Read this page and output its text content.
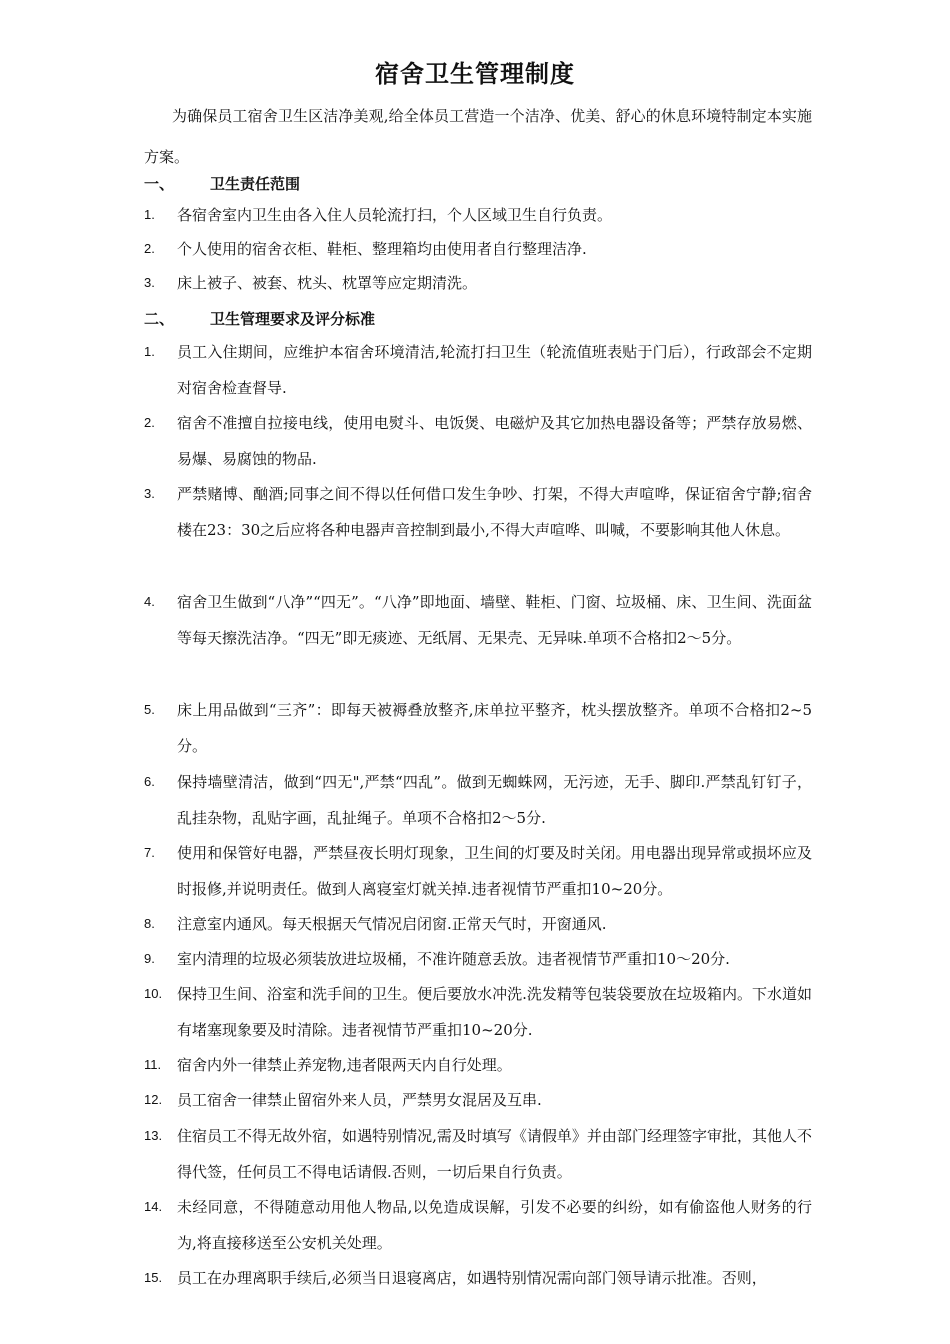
宿舍卫生管理制度
为确保员工宿舍卫生区洁净美观,给全体员工营造一个洁净、优美、舒心的休息环境特制定本实施方案。
一、 卫生责任范围
1. 各宿舍室内卫生由各入住人员轮流打扫，个人区域卫生自行负责。
2. 个人使用的宿舍衣柜、鞋柜、整理箱均由使用者自行整理洁净.
3. 床上被子、被套、枕头、枕罩等应定期清洗。
二、 卫生管理要求及评分标准
1. 员工入住期间，应维护本宿舍环境清洁,轮流打扫卫生（轮流值班表贴于门后），行政部会不定期对宿舍检查督导.
2. 宿舍不准擅自拉接电线，使用电熨斗、电饭煲、电磁炉及其它加热电器设备等；严禁存放易燃、易爆、易腐蚀的物品.
3. 严禁赌博、酗酒;同事之间不得以任何借口发生争吵、打架，不得大声喧哗，保证宿舍宁静;宿舍楼在23：30之后应将各种电器声音控制到最小,不得大声喧哗、叫喊，不要影响其他人休息。
4. 宿舍卫生做到“八净”“四无”。“八净”即地面、墙壁、鞋柜、门窗、垃圾桶、床、卫生间、洗面盆等每天擦洗洁净。“四无”即无痰迹、无纸屑、无果壳、无异味.单项不合格扣2～5分。
5. 床上用品做到“三齐”：即每天被褥叠放整齐,床单拉平整齐，枕头摆放整齐。单项不合格扣2~5分。
6. 保持墙壁清洁，做到“四无",严禁“四乱”。做到无蜘蛛网，无污迹，无手、脚印.严禁乱钉钉子，乱挂杂物，乱贴字画，乱扯绳子。单项不合格扣2～5分.
7. 使用和保管好电器，严禁昼夜长明灯现象，卫生间的灯要及时关闭。用电器出现异常或损坏应及时报修,并说明责任。做到人离寝室灯就关掉.违者视情节严重扣10~20分。
8. 注意室内通风。每天根据天气情况启闭窗.正常天气时，开窗通风.
9. 室内清理的垃圾必须装放进垃圾桶，不准许随意丢放。违者视情节严重扣10～20分.
10. 保持卫生间、浴室和洗手间的卫生。便后要放水冲洗.洗发精等包装袋要放在垃圾箱内。下水道如有堵塞现象要及时清除。违者视情节严重扣10~20分.
11. 宿舍内外一律禁止养宠物,违者限两天内自行处理。
12. 员工宿舍一律禁止留宿外来人员，严禁男女混居及互串.
13. 住宿员工不得无故外宿，如遇特别情况,需及时填写《请假单》并由部门经理签字审批，其他人不得代签，任何员工不得电话请假.否则，一切后果自行负责。
14. 未经同意，不得随意动用他人物品,以免造成误解，引发不必要的纠纷，如有偷盗他人财务的行为,将直接移送至公安机关处理。
15. 员工在办理离职手续后,必须当日退寝离店，如遇特别情况需向部门领导请示批准。否则，
